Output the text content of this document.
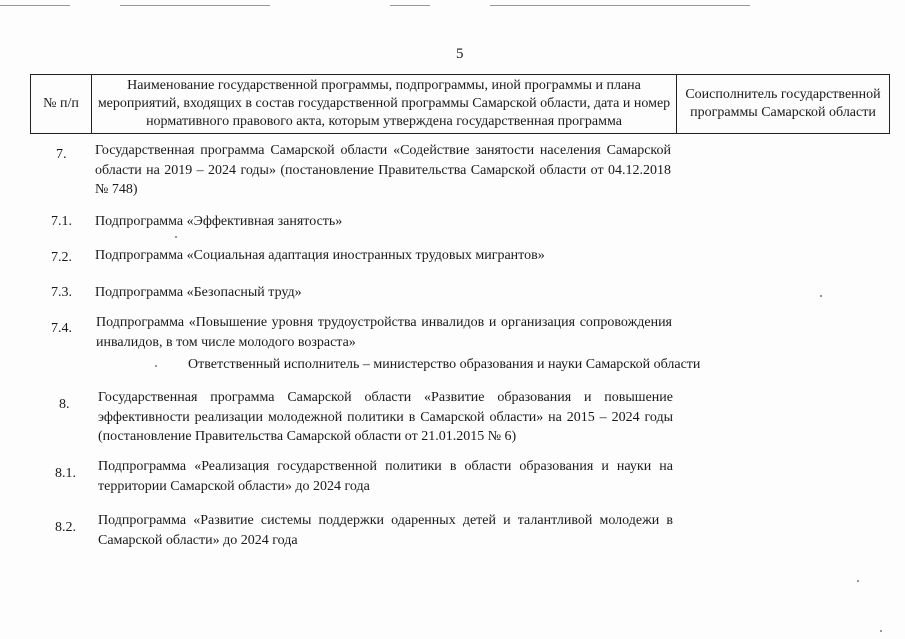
5
№ п/п	Наименование государственной программы, подпрограммы, иной программы и плана мероприятий, входящих в состав государственной программы Самарской области, дата и номер нормативного правового акта, которым утверждена государственная программа	Соисполнитель государственной программы Самарской области
7. Государственная программа Самарской области «Содействие занятости населения Самарской области на 2019 – 2024 годы» (постановление Правительства Самарской области от 04.12.2018 № 748)
7.1. Подпрограмма «Эффективная занятость»
7.2. Подпрограмма «Социальная адаптация иностранных трудовых мигрантов»
7.3. Подпрограмма «Безопасный труд»
7.4. Подпрограмма «Повышение уровня трудоустройства инвалидов и организация сопровождения инвалидов, в том числе молодого возраста»
Ответственный исполнитель – министерство образования и науки Самарской области
8. Государственная программа Самарской области «Развитие образования и повышение эффективности реализации молодежной политики в Самарской области» на 2015 – 2024 годы (постановление Правительства Самарской области от 21.01.2015 № 6)
8.1. Подпрограмма «Реализация государственной политики в области образования и науки на территории Самарской области» до 2024 года
8.2. Подпрограмма «Развитие системы поддержки одаренных детей и талантливой молодежи в Самарской области» до 2024 года
